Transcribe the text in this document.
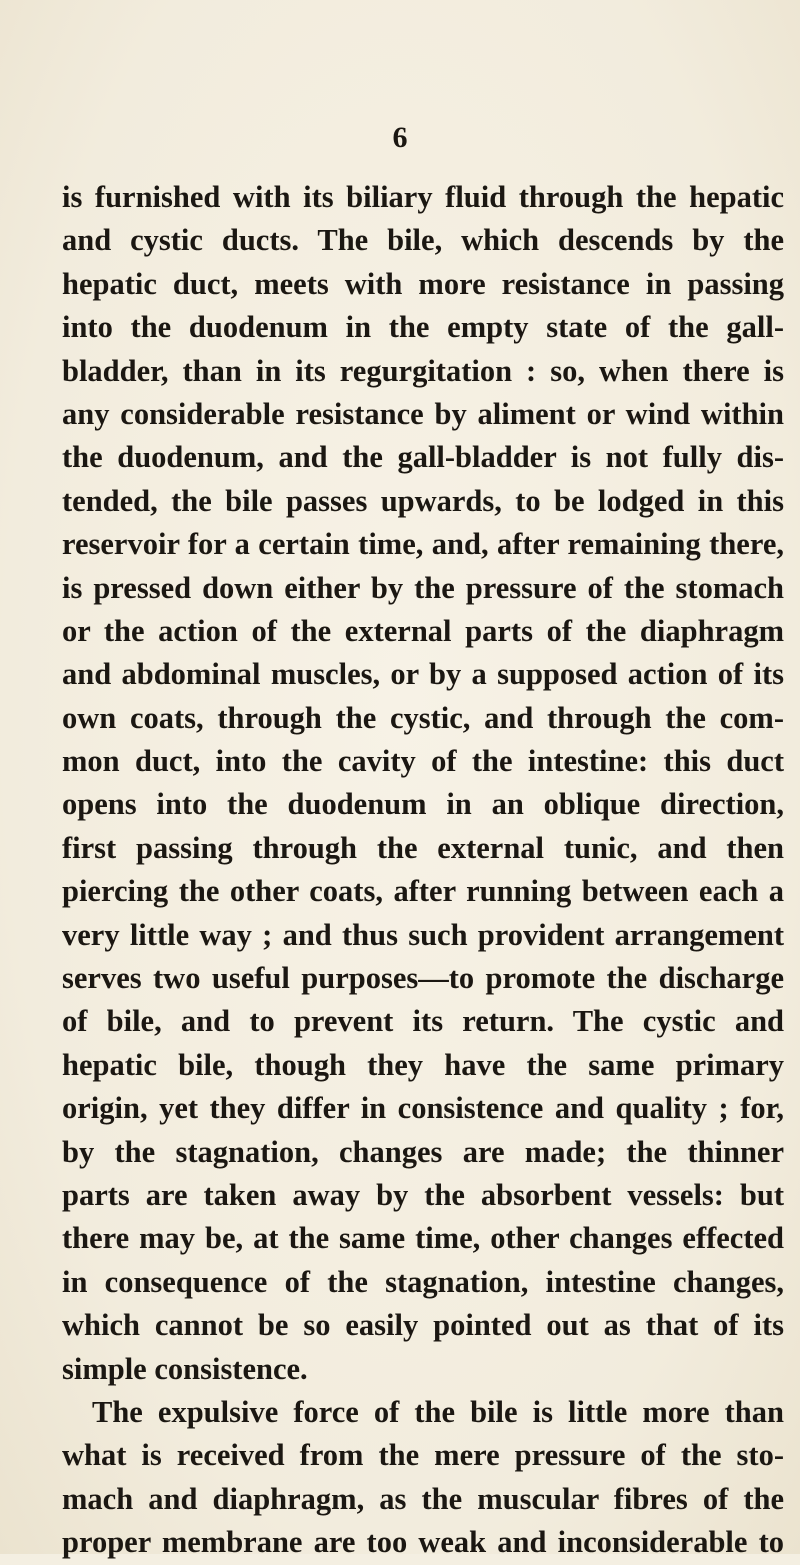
6
is furnished with its biliary fluid through the hepatic
and cystic ducts. The bile, which descends by the
hepatic duct, meets with more resistance in passing
into the duodenum in the empty state of the gall-
bladder, than in its regurgitation : so, when there is
any considerable resistance by aliment or wind within
the duodenum, and the gall-bladder is not fully dis-
tended, the bile passes upwards, to be lodged in this
reservoir for a certain time, and, after remaining there,
is pressed down either by the pressure of the stomach
or the action of the external parts of the diaphragm
and abdominal muscles, or by a supposed action of its
own coats, through the cystic, and through the com-
mon duct, into the cavity of the intestine: this duct
opens into the duodenum in an oblique direction,
first passing through the external tunic, and then
piercing the other coats, after running between each a
very little way ; and thus such provident arrangement
serves two useful purposes—to promote the discharge
of bile, and to prevent its return. The cystic and
hepatic bile, though they have the same primary
origin, yet they differ in consistence and quality ; for,
by the stagnation, changes are made; the thinner
parts are taken away by the absorbent vessels: but
there may be, at the same time, other changes effected
in consequence of the stagnation, intestine changes,
which cannot be so easily pointed out as that of its
simple consistence.
The expulsive force of the bile is little more than
what is received from the mere pressure of the sto-
mach and diaphragm, as the muscular fibres of the
proper membrane are too weak and inconsiderable to
